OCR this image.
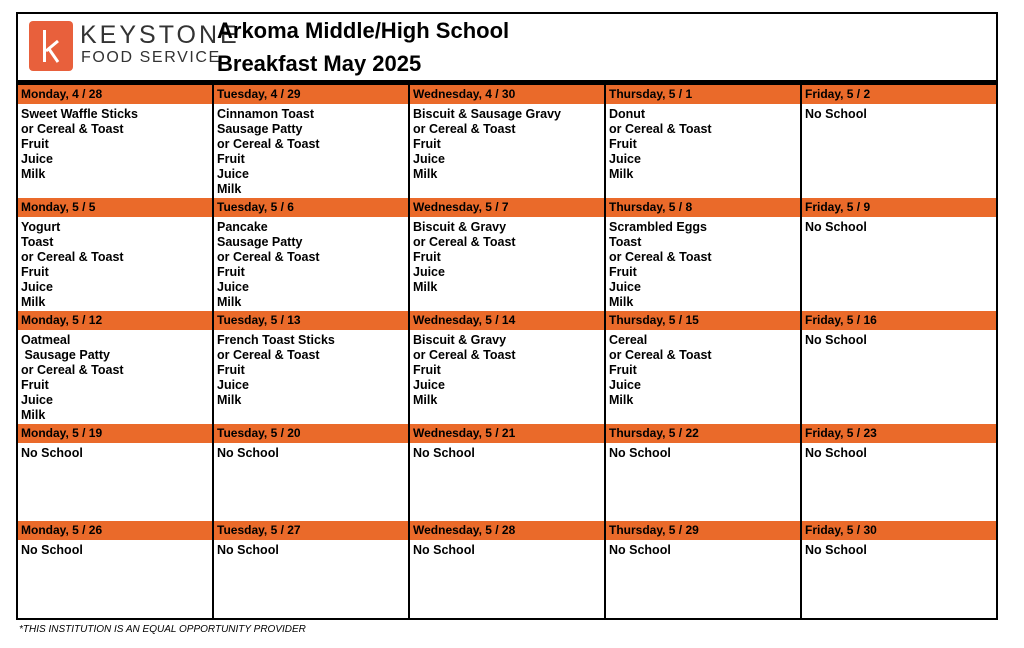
KEYSTONE
FOOD SERVICE
Arkoma Middle/High School
Breakfast May 2025
Monday, 4 / 28
Sweet Waffle Sticks
or Cereal & Toast
Fruit
Juice
Milk
Tuesday, 4 / 29
Cinnamon Toast
Sausage Patty
or Cereal & Toast
Fruit
Juice
Milk
Wednesday, 4 / 30
Biscuit & Sausage Gravy
or Cereal & Toast
Fruit
Juice
Milk
Thursday, 5 / 1
Donut
or Cereal & Toast
Fruit
Juice
Milk
Friday, 5 / 2
No School
Monday, 5 / 5
Yogurt
Toast
or Cereal & Toast
Fruit
Juice
Milk
Tuesday, 5 / 6
Pancake
Sausage Patty
or Cereal & Toast
Fruit
Juice
Milk
Wednesday, 5 / 7
Biscuit & Gravy
or Cereal & Toast
Fruit
Juice
Milk
Thursday, 5 / 8
Scrambled Eggs
Toast
or Cereal & Toast
Fruit
Juice
Milk
Friday, 5 / 9
No School
Monday, 5 / 12
Oatmeal
Sausage Patty
or Cereal & Toast
Fruit
Juice
Milk
Tuesday, 5 / 13
French Toast Sticks
or Cereal & Toast
Fruit
Juice
Milk
Wednesday, 5 / 14
Biscuit & Gravy
or Cereal & Toast
Fruit
Juice
Milk
Thursday, 5 / 15
Cereal
or Cereal & Toast
Fruit
Juice
Milk
Friday, 5 / 16
No School
Monday, 5 / 19
No School
Tuesday, 5 / 20
No School
Wednesday, 5 / 21
No School
Thursday, 5 / 22
No School
Friday, 5 / 23
No School
Monday, 5 / 26
No School
Tuesday, 5 / 27
No School
Wednesday, 5 / 28
No School
Thursday, 5 / 29
No School
Friday, 5 / 30
No School
*THIS INSTITUTION IS AN EQUAL OPPORTUNITY PROVIDER
